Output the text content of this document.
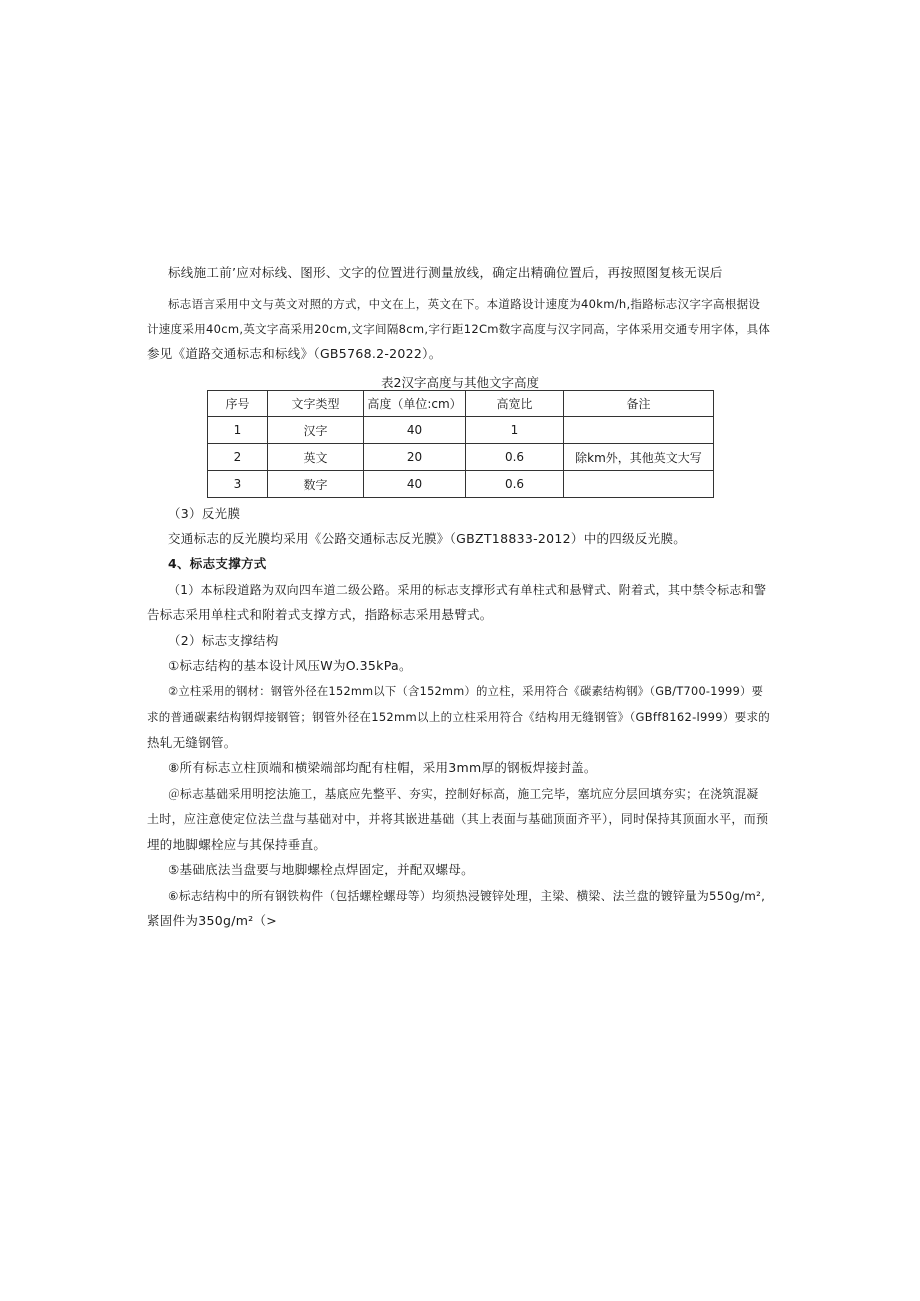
标线施工前’应对标线、图形、文字的位置进行测量放线，确定出精确位置后，再按照图复核无误后

标志语言采用中文与英文对照的方式，中文在上，英文在下。本道路设计速度为40km/h,指路标志汉字字高根据设

计速度采用40cm,英文字高采用20cm,文字间隔8cm,字行距12Cm数字高度与汉字同高，字体采用交通专用字体，具体

参见《道路交通标志和标线》（GB5768.2-2022）。

表2汉字高度与其他文字高度

序号	文字类型	高度（单位:cm）	高宽比	备注
1	汉字	40	1	
2	英文	20	0.6	除km外，其他英文大写
3	数字	40	0.6	

（3）反光膜

交通标志的反光膜均采用《公路交通标志反光膜》（GBZT18833-2012）中的四级反光膜。

4、标志支撑方式

（1）本标段道路为双向四车道二级公路。采用的标志支撑形式有单柱式和悬臂式、附着式，其中禁令标志和警

告标志采用单柱式和附着式支撑方式，指路标志采用悬臂式。

（2）标志支撑结构

①标志结构的基本设计风压W为O.35kPa。

②立柱采用的钢材：钢管外径在152mm以下（含152mm）的立柱，采用符合《碳素结构钢》（GB/T700-1999）要

求的普通碳素结构钢焊接钢管；钢管外径在152mm以上的立柱采用符合《结构用无缝钢管》（GBff8162-l999）要求的

热轧无缝钢管。

⑧所有标志立柱顶端和横梁端部均配有柱帽，采用3mm厚的钢板焊接封盖。

＠标志基础采用明挖法施工，基底应先整平、夯实，控制好标高，施工完毕，塞坑应分层回填夯实；在浇筑混凝

土时，应注意使定位法兰盘与基础对中，并将其嵌进基础（其上表面与基础顶面齐平），同时保持其顶面水平，而预

埋的地脚螺栓应与其保持垂直。

⑤基础底法当盘要与地脚螺栓点焊固定，并配双螺母。

⑥标志结构中的所有钢铁构件（包括螺栓螺母等）均须热浸镀锌处理，主梁、横梁、法兰盘的镀锌量为550g/m²,

紧固件为350g/m²（>
